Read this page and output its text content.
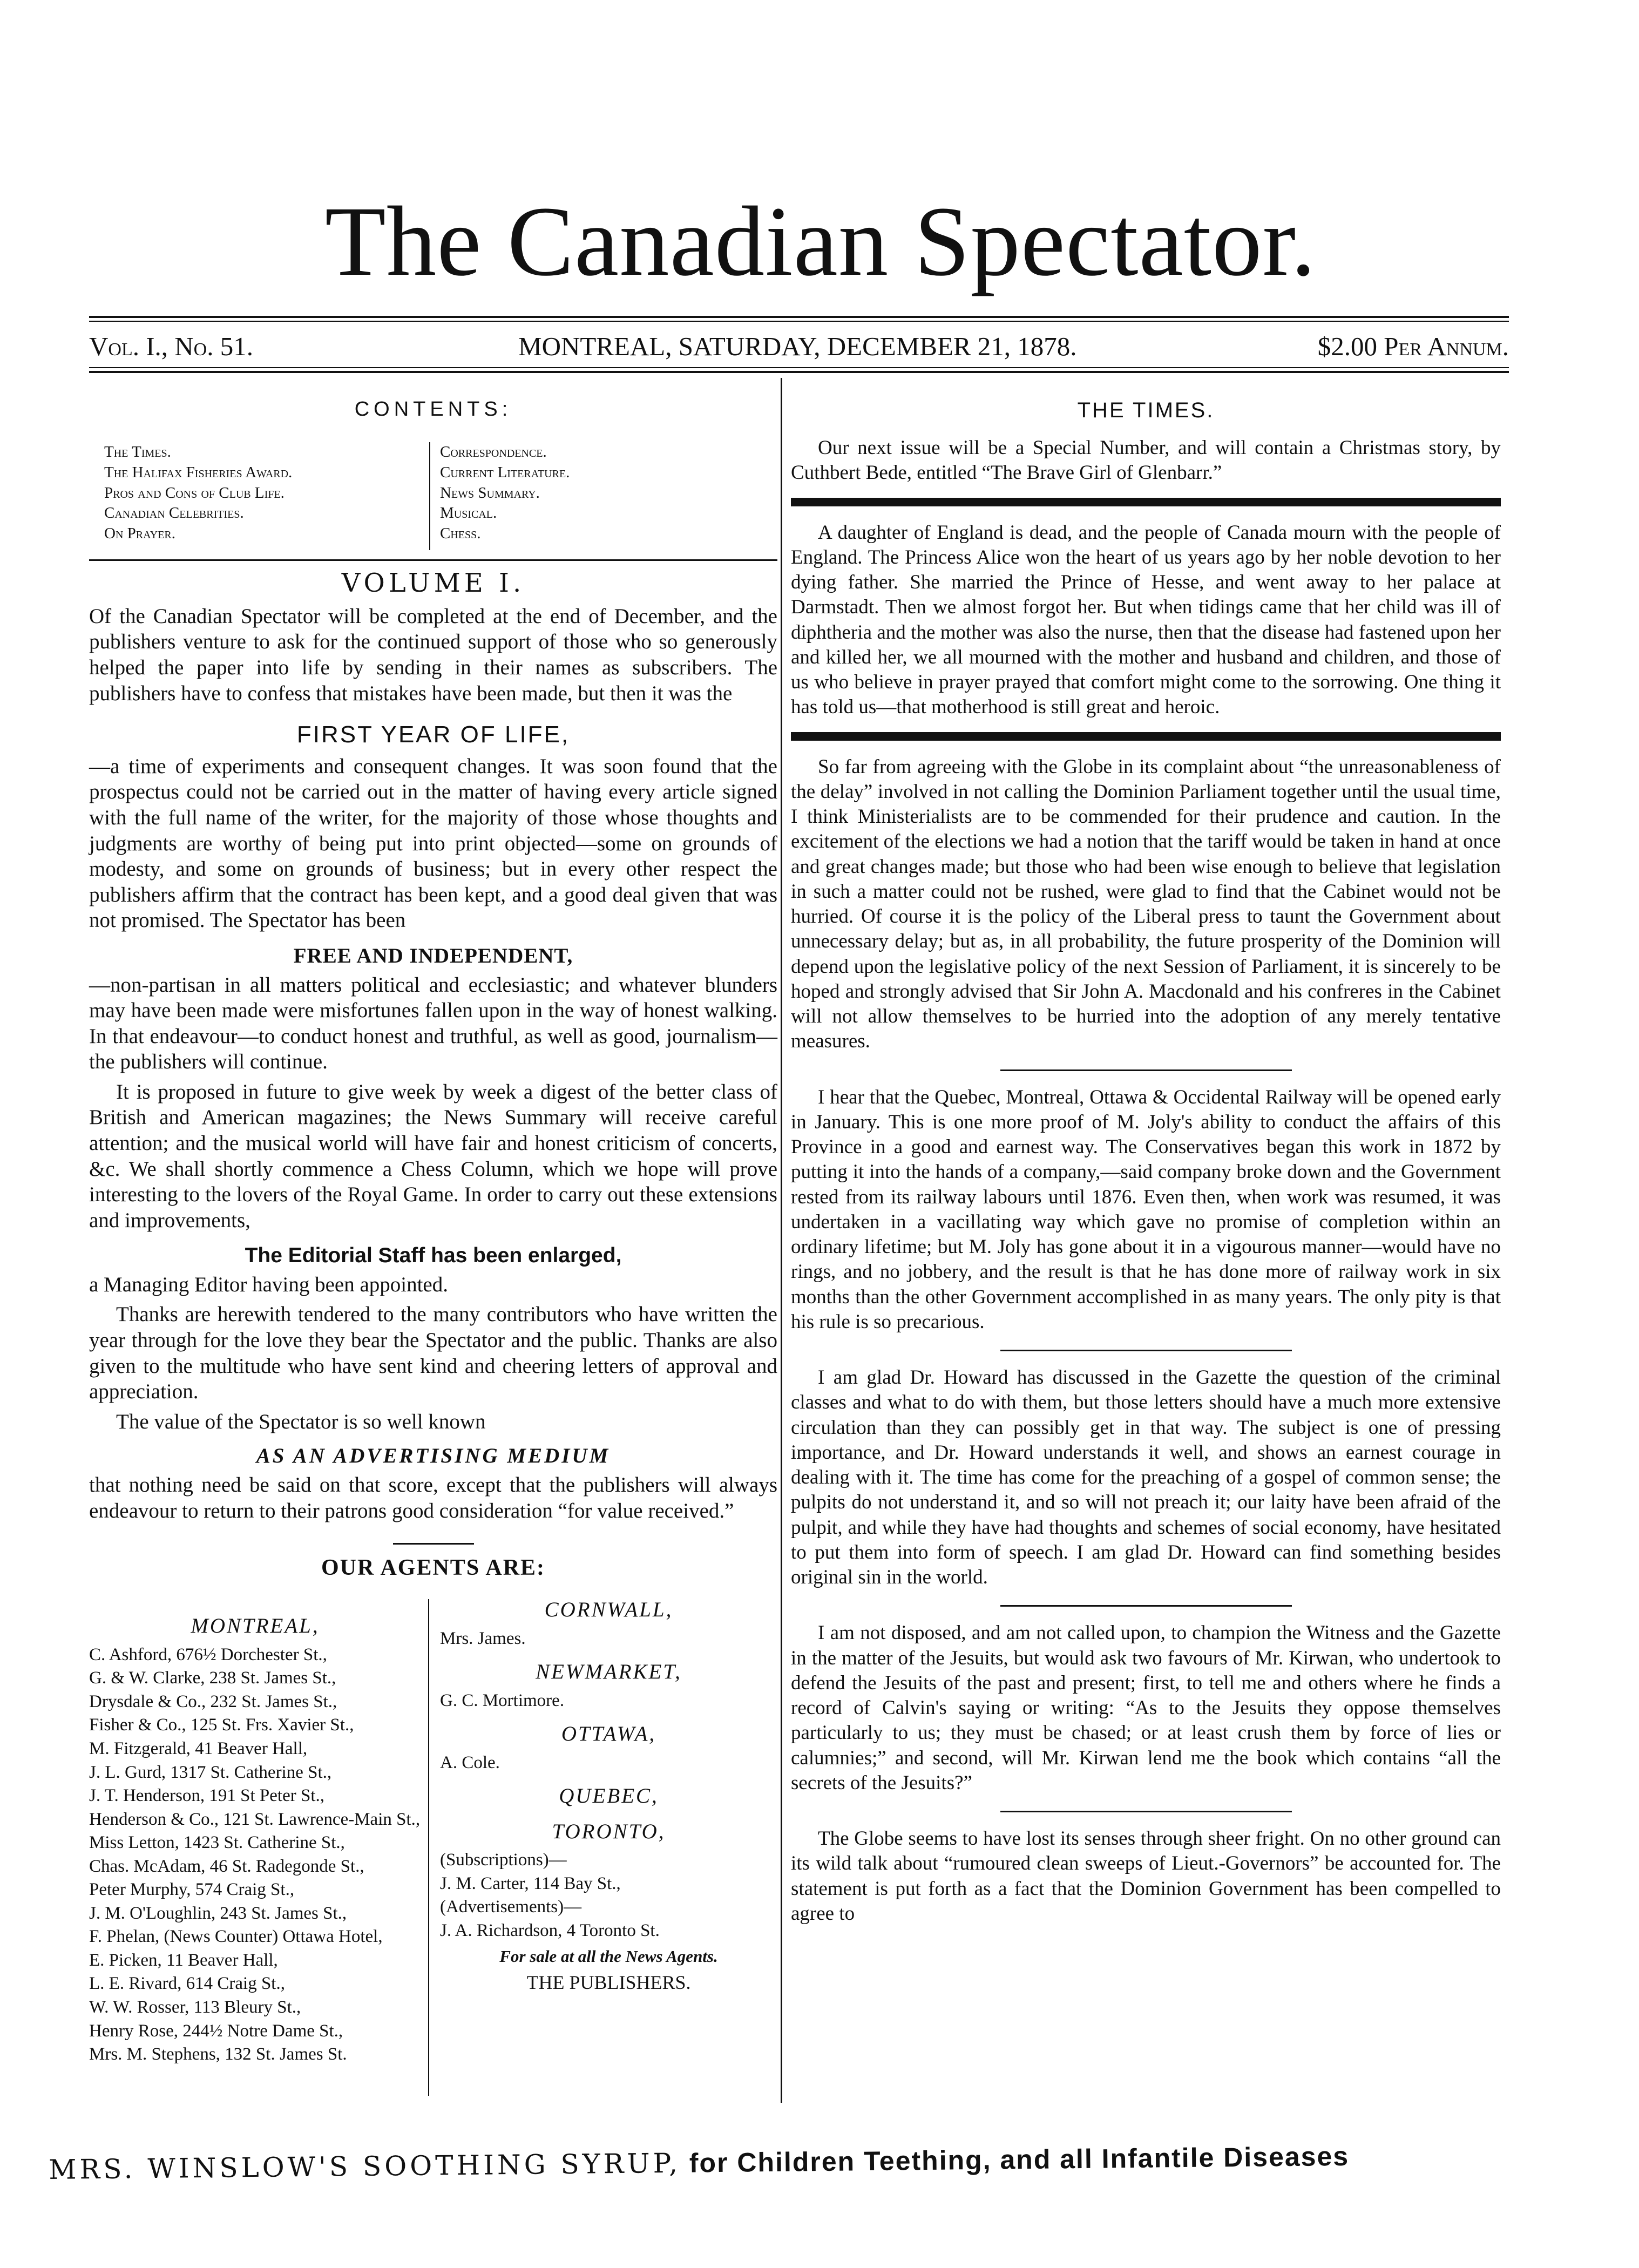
The Canadian Spectator.
Vol. I., No. 51.	MONTREAL, SATURDAY, DECEMBER 21, 1878.	$2.00 Per Annum.
CONTENTS:
The Times.
The Halifax Fisheries Award.
Pros and Cons of Club Life.
Canadian Celebrities.
On Prayer.
Correspondence.
Current Literature.
News Summary.
Musical.
Chess.
VOLUME I.

Of the Canadian Spectator will be completed at the end of December, and the publishers venture to ask for the continued support of those who so generously helped the paper into life by sending in their names as subscribers. The publishers have to confess that mistakes have been made, but then it was the

FIRST YEAR OF LIFE,

—a time of experiments and consequent changes. It was soon found that the prospectus could not be carried out in the matter of having every article signed with the full name of the writer, for the majority of those whose thoughts and judgments are worthy of being put into print objected—some on grounds of modesty, and some on grounds of business; but in every other respect the publishers affirm that the contract has been kept, and a good deal given that was not promised. The Spectator has been

FREE AND INDEPENDENT,

—non-partisan in all matters political and ecclesiastic; and whatever blunders may have been made were misfortunes fallen upon in the way of honest walking. In that endeavour—to conduct honest and truthful, as well as good, journalism—the publishers will continue.

It is proposed in future to give week by week a digest of the better class of British and American magazines; the News Summary will receive careful attention; and the musical world will have fair and honest criticism of concerts, &c. We shall shortly commence a Chess Column, which we hope will prove interesting to the lovers of the Royal Game. In order to carry out these extensions and improvements,

The Editorial Staff has been enlarged,

a Managing Editor having been appointed.

Thanks are herewith tendered to the many contributors who have written the year through for the love they bear the Spectator and the public. Thanks are also given to the multitude who have sent kind and cheering letters of approval and appreciation.

The value of the Spectator is so well known

AS AN ADVERTISING MEDIUM

that nothing need be said on that score, except that the publishers will always endeavour to return to their patrons good consideration “for value received.”

OUR AGENTS ARE:
MONTREAL,
C. Ashford, 676½ Dorchester St.,
G. & W. Clarke, 238 St. James St.,
Drysdale & Co., 232 St. James St.,
Fisher & Co., 125 St. Frs. Xavier St.,
M. Fitzgerald, 41 Beaver Hall,
J. L. Gurd, 1317 St. Catherine St.,
J. T. Henderson, 191 St Peter St.,
Henderson & Co., 121 St. Lawrence-Main St.,
Miss Letton, 1423 St. Catherine St.,
Chas. McAdam, 46 St. Radegonde St.,
Peter Murphy, 574 Craig St.,
J. M. O'Loughlin, 243 St. James St.,
F. Phelan, (News Counter) Ottawa Hotel,
E. Picken, 11 Beaver Hall,
L. E. Rivard, 614 Craig St.,
W. W. Rosser, 113 Bleury St.,
Henry Rose, 244½ Notre Dame St.,
Mrs. M. Stephens, 132 St. James St.
CORNWALL,
Mrs. James.
NEWMARKET,
G. C. Mortimore.
OTTAWA,
A. Cole.
QUEBEC,
TORONTO,
(Subscriptions)—
J. M. Carter, 114 Bay St.,
(Advertisements)—
J. A. Richardson, 4 Toronto St.
For sale at all the News Agents.
THE PUBLISHERS.
THE TIMES.

Our next issue will be a Special Number, and will contain a Christmas story, by Cuthbert Bede, entitled “The Brave Girl of Glenbarr.”

A daughter of England is dead, and the people of Canada mourn with the people of England. The Princess Alice won the heart of us years ago by her noble devotion to her dying father. She married the Prince of Hesse, and went away to her palace at Darmstadt. Then we almost forgot her. But when tidings came that her child was ill of diphtheria and the mother was also the nurse, then that the disease had fastened upon her and killed her, we all mourned with the mother and husband and children, and those of us who believe in prayer prayed that comfort might come to the sorrowing. One thing it has told us—that motherhood is still great and heroic.

So far from agreeing with the Globe in its complaint about “the unreasonableness of the delay” involved in not calling the Dominion Parliament together until the usual time, I think Ministerialists are to be commended for their prudence and caution. In the excitement of the elections we had a notion that the tariff would be taken in hand at once and great changes made; but those who had been wise enough to believe that legislation in such a matter could not be rushed, were glad to find that the Cabinet would not be hurried. Of course it is the policy of the Liberal press to taunt the Government about unnecessary delay; but as, in all probability, the future prosperity of the Dominion will depend upon the legislative policy of the next Session of Parliament, it is sincerely to be hoped and strongly advised that Sir John A. Macdonald and his confreres in the Cabinet will not allow themselves to be hurried into the adoption of any merely tentative measures.

I hear that the Quebec, Montreal, Ottawa & Occidental Railway will be opened early in January. This is one more proof of M. Joly's ability to conduct the affairs of this Province in a good and earnest way. The Conservatives began this work in 1872 by putting it into the hands of a company,—said company broke down and the Government rested from its railway labours until 1876. Even then, when work was resumed, it was undertaken in a vacillating way which gave no promise of completion within an ordinary lifetime; but M. Joly has gone about it in a vigourous manner—would have no rings, and no jobbery, and the result is that he has done more of railway work in six months than the other Government accomplished in as many years. The only pity is that his rule is so precarious.

I am glad Dr. Howard has discussed in the Gazette the question of the criminal classes and what to do with them, but those letters should have a much more extensive circulation than they can possibly get in that way. The subject is one of pressing importance, and Dr. Howard understands it well, and shows an earnest courage in dealing with it. The time has come for the preaching of a gospel of common sense; the pulpits do not understand it, and so will not preach it; our laity have been afraid of the pulpit, and while they have had thoughts and schemes of social economy, have hesitated to put them into form of speech. I am glad Dr. Howard can find something besides original sin in the world.

I am not disposed, and am not called upon, to champion the Witness and the Gazette in the matter of the Jesuits, but would ask two favours of Mr. Kirwan, who undertook to defend the Jesuits of the past and present; first, to tell me and others where he finds a record of Calvin's saying or writing: “As to the Jesuits they oppose themselves particularly to us; they must be chased; or at least crush them by force of lies or calumnies;” and second, will Mr. Kirwan lend me the book which contains “all the secrets of the Jesuits?”

The Globe seems to have lost its senses through sheer fright. On no other ground can its wild talk about “rumoured clean sweeps of Lieut.-Governors” be accounted for. The statement is put forth as a fact that the Dominion Government has been compelled to agree to

MRS. WINSLOW'S SOOTHING SYRUP, for Children Teething, and all Infantile Diseases
